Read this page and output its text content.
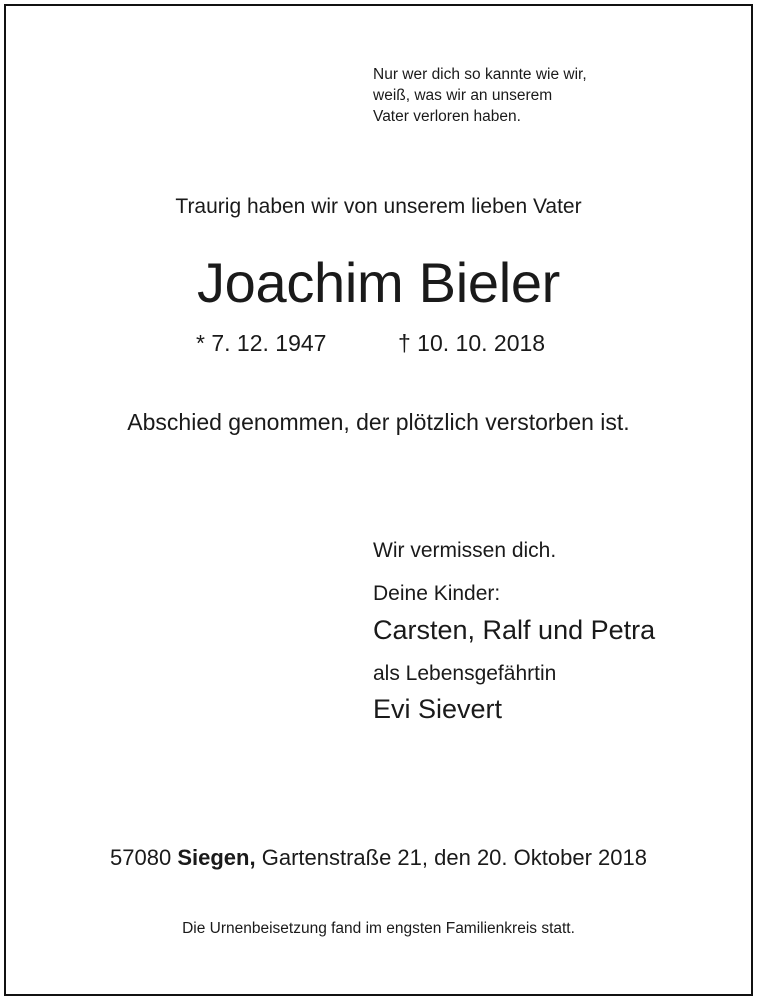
Nur wer dich so kannte wie wir,
weiß, was wir an unserem
Vater verloren haben.
Traurig haben wir von unserem lieben Vater
Joachim Bieler
* 7. 12. 1947	† 10. 10. 2018
Abschied genommen, der plötzlich verstorben ist.
Wir vermissen dich.
Deine Kinder:
Carsten, Ralf und Petra
als Lebensgefährtin
Evi Sievert
57080 Siegen, Gartenstraße 21, den 20. Oktober 2018
Die Urnenbeisetzung fand im engsten Familienkreis statt.
